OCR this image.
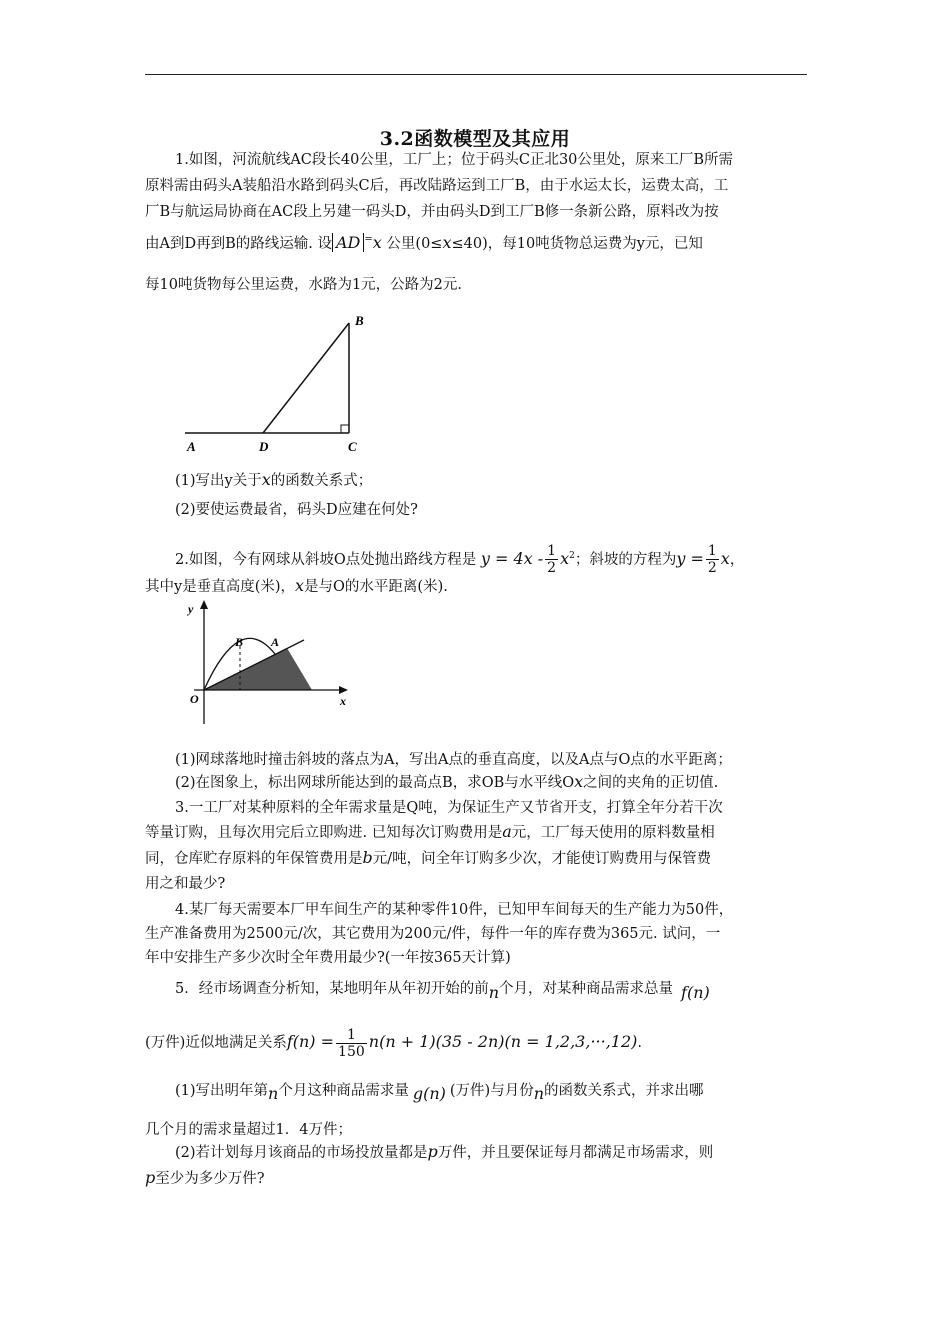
3.2函数模型及其应用
1.如图，河流航线AC段长40公里，工厂上；位于码头C正北30公里处，原来工厂B所需
原料需由码头A装船沿水路到码头C后，再改陆路运到工厂B，由于水运太长，运费太高，工
厂B与航运局协商在AC段上另建一码头D，并由码头D到工厂B修一条新公路，原料改为按
由A到D再到B的路线运输. 设 AD =x 公里(0≤x≤40)，每10吨货物总运费为y元，已知
每10吨货物每公里运费，水路为1元，公路为2元.
A	D	C
B
(1)写出y关于x的函数关系式；
(2)要使运费最省，码头D应建在何处?
2.如图，今有网球从斜坡O点处抛出路线方程是 $y = 4x - \frac{1}{2} x^2$；斜坡的方程为$y = \frac{1}{2}$ x，
其中y是垂直高度(米)，x是与O的水平距离(米).
y
B A
O	x
(1)网球落地时撞击斜坡的落点为A，写出A点的垂直高度，以及A点与O点的水平距离；
(2)在图象上，标出网球所能达到的最高点B，求OB与水平线Ox之间的夹角的正切值.
3.一工厂对某种原料的全年需求量是Q吨，为保证生产又节省开支，打算全年分若干次
等量订购，且每次用完后立即购进. 已知每次订购费用是a元，工厂每天使用的原料数量相
同，仓库贮存原料的年保管费用是b元/吨，问全年订购多少次，才能使订购费用与保管费
用之和最少?
4.某厂每天需要本厂甲车间生产的某种零件10件，已知甲车间每天的生产能力为50件，
生产准备费用为2500元/次，其它费用为200元/件，每件一年的库存费为365元. 试问，一
年中安排生产多少次时全年费用最少?(一年按365天计算)
5．经市场调查分析知，某地明年从年初开始的前n个月，对某种商品需求总量 f(n)
(万件)近似地满足关系$f(n) = \frac{1}{150} n(n + 1)(35 - 2n)(n = 1,2,3,\cdot\cdot\cdot,12)$.
(1)写出明年第n个月这种商品需求量 g(n) (万件)与月份n的函数关系式，并求出哪
几个月的需求量超过1．4万件；
(2)若计划每月该商品的市场投放量都是p万件，并且要保证每月都满足市场需求，则
p至少为多少万件?
